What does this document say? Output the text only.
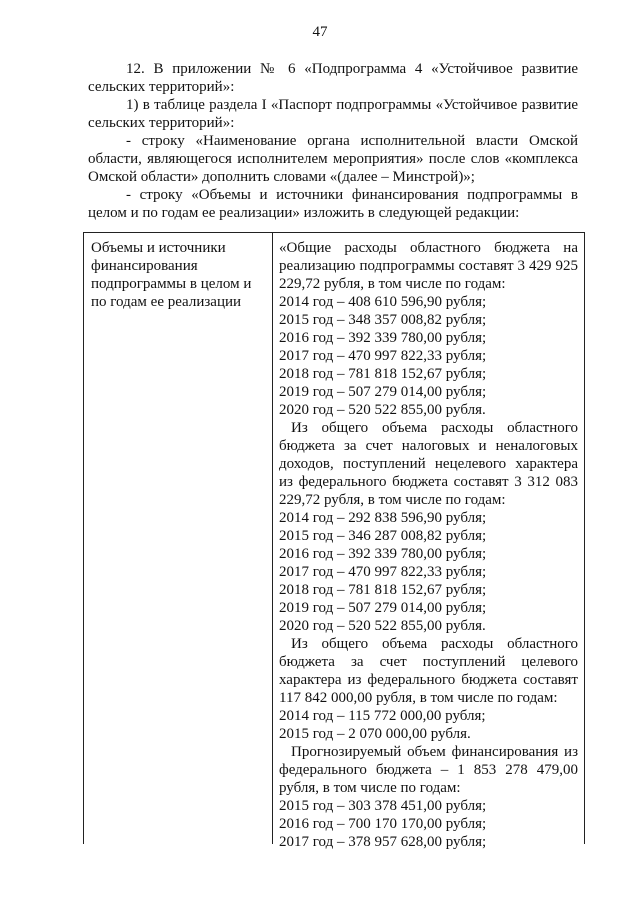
47

12. В приложении № 6 «Подпрограмма 4 «Устойчивое развитие сельских территорий»:

1) в таблице раздела I «Паспорт подпрограммы «Устойчивое развитие сельских территорий»:

- строку «Наименование органа исполнительной власти Омской области, являющегося исполнителем мероприятия» после слов «комплекса Омской области» дополнить словами «(далее – Минстрой)»;

- строку «Объемы и источники финансирования подпрограммы в целом и по годам ее реализации» изложить в следующей редакции:

Объемы и источники финансирования подпрограммы в целом и по годам ее реализации

«Общие расходы областного бюджета на реализацию подпрограммы составят 3 429 925 229,72 рубля, в том числе по годам:

2014 год – 408 610 596,90 рубля;
2015 год – 348 357 008,82 рубля;
2016 год – 392 339 780,00 рубля;
2017 год – 470 997 822,33 рубля;
2018 год – 781 818 152,67 рубля;
2019 год – 507 279 014,00 рубля;
2020 год – 520 522 855,00 рубля.

Из общего объема расходы областного бюджета за счет налоговых и неналоговых доходов, поступлений нецелевого характера из федерального бюджета составят 3 312 083 229,72 рубля, в том числе по годам:

2014 год – 292 838 596,90 рубля;
2015 год – 346 287 008,82 рубля;
2016 год – 392 339 780,00 рубля;
2017 год – 470 997 822,33 рубля;
2018 год – 781 818 152,67 рубля;
2019 год – 507 279 014,00 рубля;
2020 год – 520 522 855,00 рубля.

Из общего объема расходы областного бюджета за счет поступлений целевого характера из федерального бюджета составят 117 842 000,00 рубля, в том числе по годам:

2014 год – 115 772 000,00 рубля;
2015 год – 2 070 000,00 рубля.

Прогнозируемый объем финансирования из федерального бюджета – 1 853 278 479,00 рубля, в том числе по годам:

2015 год – 303 378 451,00 рубля;
2016 год – 700 170 170,00 рубля;
2017 год – 378 957 628,00 рубля;
